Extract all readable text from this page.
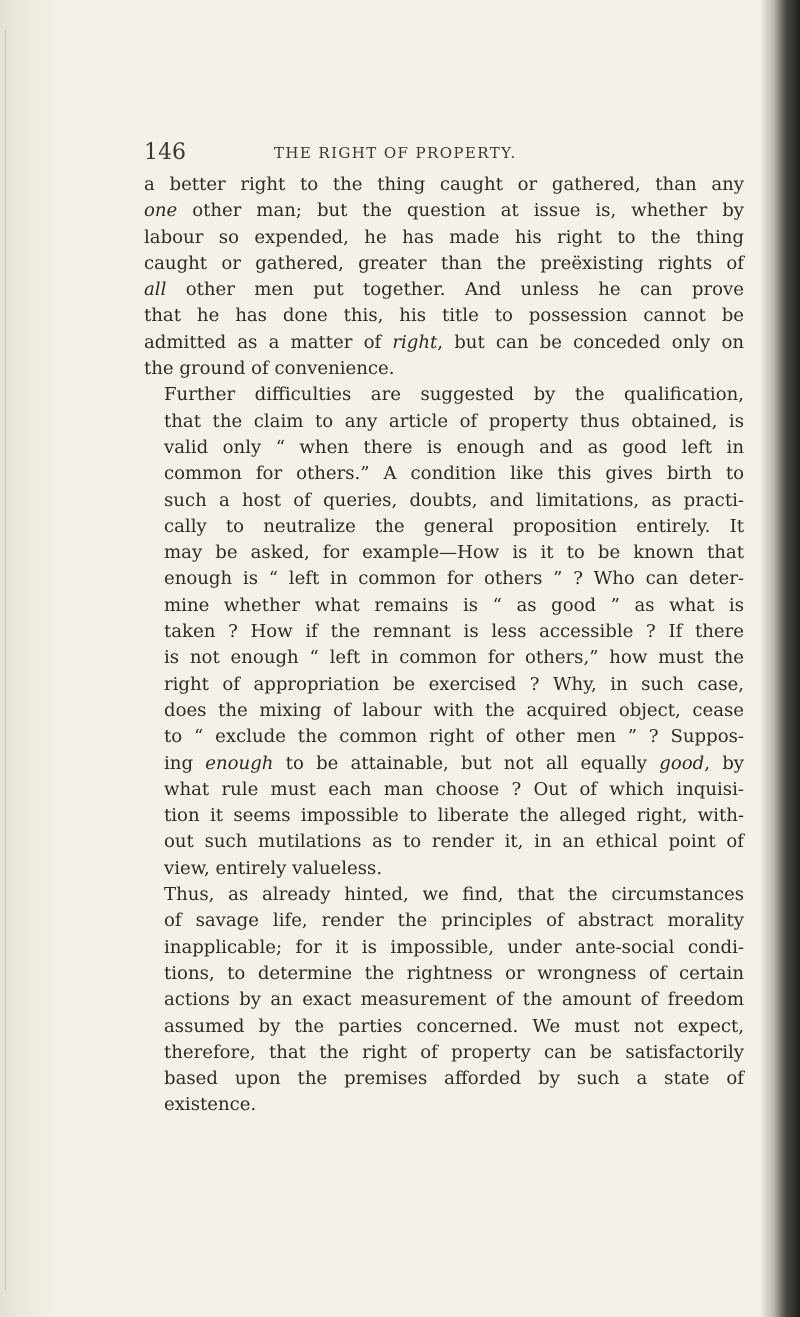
146	THE RIGHT OF PROPERTY.

a better right to the thing caught or gathered, than any
one other man; but the question at issue is, whether by
labour so expended, he has made his right to the thing
caught or gathered, greater than the preëxisting rights of
all other men put together. And unless he can prove
that he has done this, his title to possession cannot be
admitted as a matter of right, but can be conceded only on
the ground of convenience.

Further difficulties are suggested by the qualification,
that the claim to any article of property thus obtained, is
valid only “ when there is enough and as good left in
common for others.” A condition like this gives birth to
such a host of queries, doubts, and limitations, as practi-
cally to neutralize the general proposition entirely. It
may be asked, for example—How is it to be known that
enough is “ left in common for others ” ? Who can deter-
mine whether what remains is “ as good ” as what is
taken ? How if the remnant is less accessible ? If there
is not enough “ left in common for others,” how must the
right of appropriation be exercised ? Why, in such case,
does the mixing of labour with the acquired object, cease
to “ exclude the common right of other men ” ? Suppos-
ing enough to be attainable, but not all equally good, by
what rule must each man choose ? Out of which inquisi-
tion it seems impossible to liberate the alleged right, with-
out such mutilations as to render it, in an ethical point of
view, entirely valueless.

Thus, as already hinted, we find, that the circumstances
of savage life, render the principles of abstract morality
inapplicable; for it is impossible, under ante-social condi-
tions, to determine the rightness or wrongness of certain
actions by an exact measurement of the amount of freedom
assumed by the parties concerned. We must not expect,
therefore, that the right of property can be satisfactorily
based upon the premises afforded by such a state of
existence.
